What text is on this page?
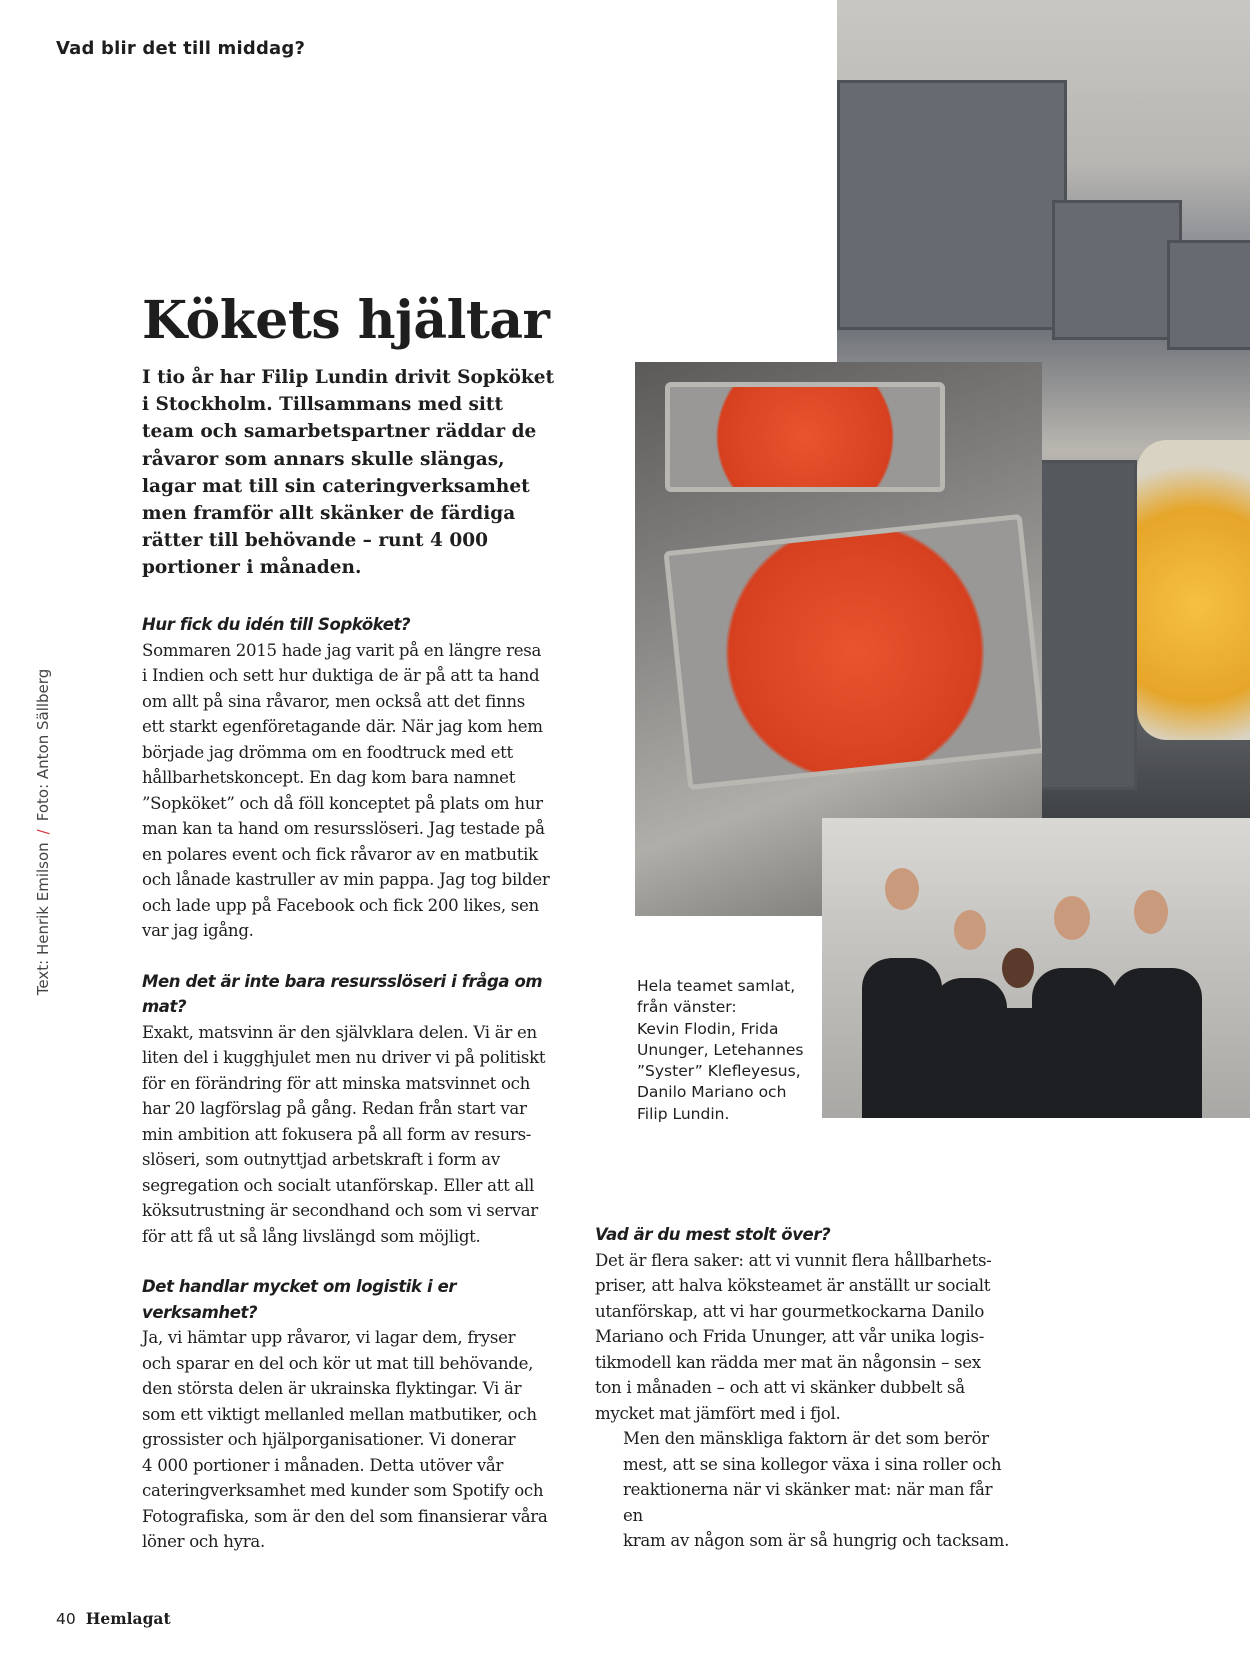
Vad blir det till middag?
Kökets hjältar
I tio år har Filip Lundin drivit Sopköket
i Stockholm. Tillsammans med sitt
team och samarbetspartner räddar de
råvaror som annars skulle slängas,
lagar mat till sin cateringverksamhet
men framför allt skänker de färdiga
rätter till behövande – runt 4 000
portioner i månaden.
Hur fick du idén till Sopköket?
Sommaren 2015 hade jag varit på en längre resa
i Indien och sett hur duktiga de är på att ta hand
om allt på sina råvaror, men också att det finns
ett starkt egenföretagande där. När jag kom hem
började jag drömma om en foodtruck med ett
hållbarhetskoncept. En dag kom bara namnet
”Sopköket” och då föll konceptet på plats om hur
man kan ta hand om resursslöseri. Jag testade på
en polares event och fick råvaror av en matbutik
och lånade kastruller av min pappa. Jag tog bilder
och lade upp på Facebook och fick 200 likes, sen
var jag igång.
Men det är inte bara resursslöseri i fråga om mat?
Exakt, matsvinn är den självklara delen. Vi är en
liten del i kugghjulet men nu driver vi på politiskt
för en förändring för att minska matsvinnet och
har 20 lagförslag på gång. Redan från start var
min ambition att fokusera på all form av resurs-
slöseri, som outnyttjad arbetskraft i form av
segregation och socialt utanförskap. Eller att all
köksutrustning är secondhand och som vi servar
för att få ut så lång livslängd som möjligt.
Det handlar mycket om logistik i er verksamhet?
Ja, vi hämtar upp råvaror, vi lagar dem, fryser
och sparar en del och kör ut mat till behövande,
den största delen är ukrainska flyktingar. Vi är
som ett viktigt mellanled mellan matbutiker, och
grossister och hjälporganisationer. Vi donerar
4 000 portioner i månaden. Detta utöver vår
cateringverksamhet med kunder som Spotify och
Fotografiska, som är den del som finansierar våra
löner och hyra.
Vad är du mest stolt över?
Det är flera saker: att vi vunnit flera hållbarhets-
priser, att halva köksteamet är anställt ur socialt
utanförskap, att vi har gourmetkockarna Danilo
Mariano och Frida Ununger, att vår unika logis-
tikmodell kan rädda mer mat än någonsin – sex
ton i månaden – och att vi skänker dubbelt så
mycket mat jämfört med i fjol.
Men den mänskliga faktorn är det som berör
mest, att se sina kollegor växa i sina roller och
reaktionerna när vi skänker mat: när man får en
kram av någon som är så hungrig och tacksam.
Hela teamet samlat,
från vänster:
Kevin Flodin, Frida
Ununger, Letehannes
”Syster” Klefleyesus,
Danilo Mariano och
Filip Lundin.
Text: Henrik Emilson/Foto: Anton Sällberg
40 Hemlagat
